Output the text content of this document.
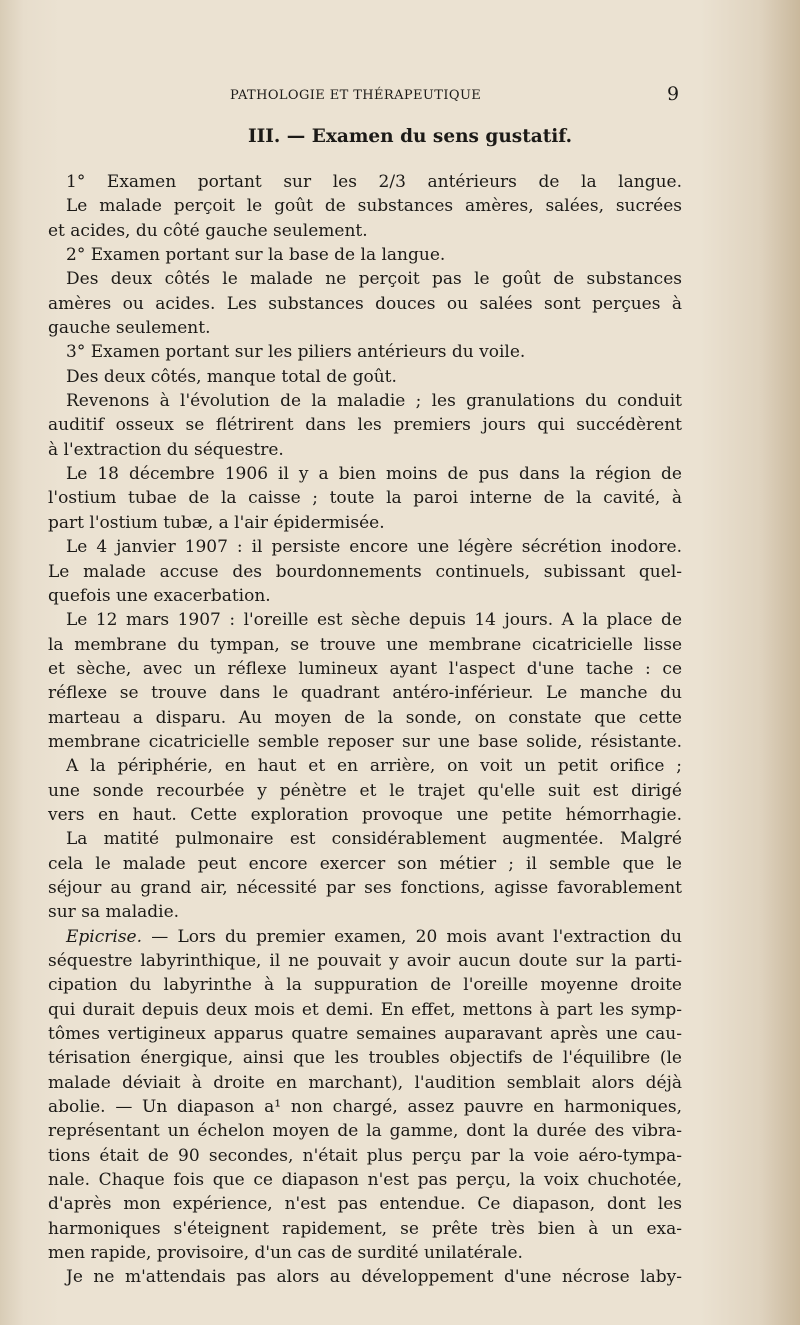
PATHOLOGIE ET THÉRAPEUTIQUE	9
III. — Examen du sens gustatif.
1° Examen portant sur les 2/3 antérieurs de la langue.
Le malade perçoit le goût de substances amères, salées, sucrées
et acides, du côté gauche seulement.
2° Examen portant sur la base de la langue.
Des deux côtés le malade ne perçoit pas le goût de substances
amères ou acides. Les substances douces ou salées sont perçues à
gauche seulement.
3° Examen portant sur les piliers antérieurs du voile.
Des deux côtés, manque total de goût.
Revenons à l'évolution de la maladie ; les granulations du conduit
auditif osseux se flétrirent dans les premiers jours qui succédèrent
à l'extraction du séquestre.
Le 18 décembre 1906 il y a bien moins de pus dans la région de
l'ostium tubae de la caisse ; toute la paroi interne de la cavité, à
part l'ostium tubæ, a l'air épidermisée.
Le 4 janvier 1907 : il persiste encore une légère sécrétion inodore.
Le malade accuse des bourdonnements continuels, subissant quel-
quefois une exacerbation.
Le 12 mars 1907 : l'oreille est sèche depuis 14 jours. A la place de
la membrane du tympan, se trouve une membrane cicatricielle lisse
et sèche, avec un réflexe lumineux ayant l'aspect d'une tache : ce
réflexe se trouve dans le quadrant antéro-inférieur. Le manche du
marteau a disparu. Au moyen de la sonde, on constate que cette
membrane cicatricielle semble reposer sur une base solide, résistante.
A la périphérie, en haut et en arrière, on voit un petit orifice ;
une sonde recourbée y pénètre et le trajet qu'elle suit est dirigé
vers en haut. Cette exploration provoque une petite hémorrhagie.
La matité pulmonaire est considérablement augmentée. Malgré
cela le malade peut encore exercer son métier ; il semble que le
séjour au grand air, nécessité par ses fonctions, agisse favorablement
sur sa maladie.
Epicrise. — Lors du premier examen, 20 mois avant l'extraction du
séquestre labyrinthique, il ne pouvait y avoir aucun doute sur la parti-
cipation du labyrinthe à la suppuration de l'oreille moyenne droite
qui durait depuis deux mois et demi. En effet, mettons à part les symp-
tômes vertigineux apparus quatre semaines auparavant après une cau-
térisation énergique, ainsi que les troubles objectifs de l'équilibre (le
malade déviait à droite en marchant), l'audition semblait alors déjà
abolie. — Un diapason a¹ non chargé, assez pauvre en harmoniques,
représentant un échelon moyen de la gamme, dont la durée des vibra-
tions était de 90 secondes, n'était plus perçu par la voie aéro-tympa-
nale. Chaque fois que ce diapason n'est pas perçu, la voix chuchotée,
d'après mon expérience, n'est pas entendue. Ce diapason, dont les
harmoniques s'éteignent rapidement, se prête très bien à un exa-
men rapide, provisoire, d'un cas de surdité unilatérale.
Je ne m'attendais pas alors au développement d'une nécrose laby-
